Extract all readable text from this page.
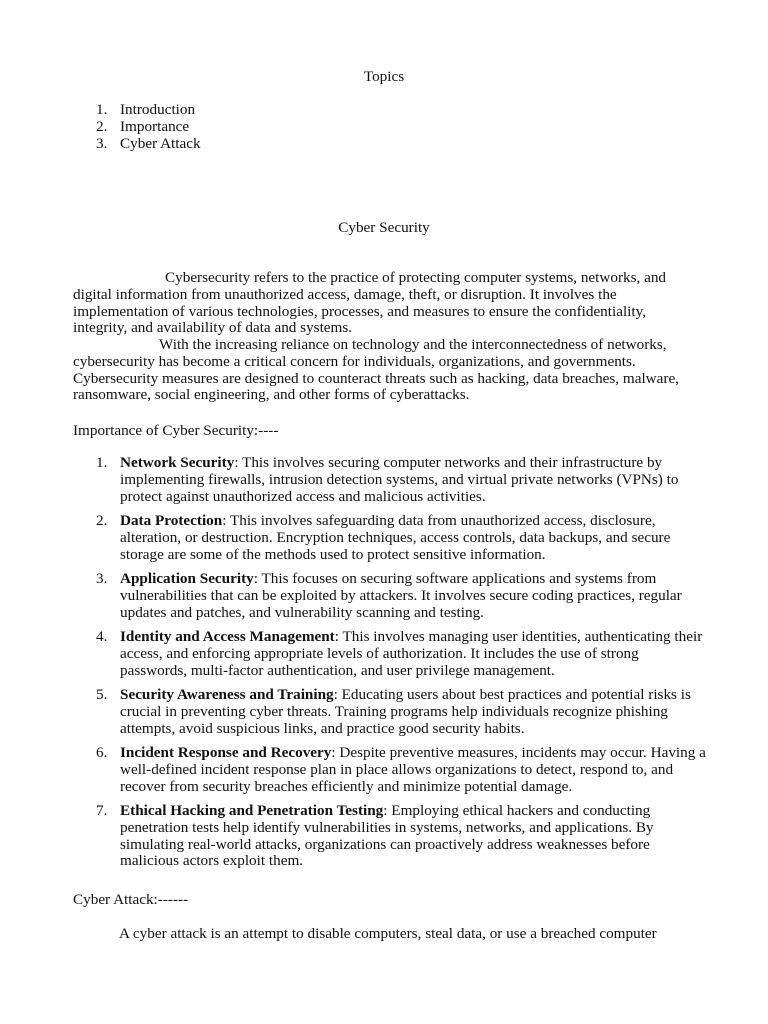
Topics
1. Introduction
2. Importance
3. Cyber Attack
Cyber Security

Cybersecurity refers to the practice of protecting computer systems, networks, and digital information from unauthorized access, damage, theft, or disruption. It involves the implementation of various technologies, processes, and measures to ensure the confidentiality, integrity, and availability of data and systems.

With the increasing reliance on technology and the interconnectedness of networks, cybersecurity has become a critical concern for individuals, organizations, and governments. Cybersecurity measures are designed to counteract threats such as hacking, data breaches, malware, ransomware, social engineering, and other forms of cyberattacks.

Importance of Cyber Security:----
1. Network Security: This involves securing computer networks and their infrastructure by implementing firewalls, intrusion detection systems, and virtual private networks (VPNs) to protect against unauthorized access and malicious activities.
2. Data Protection: This involves safeguarding data from unauthorized access, disclosure, alteration, or destruction. Encryption techniques, access controls, data backups, and secure storage are some of the methods used to protect sensitive information.
3. Application Security: This focuses on securing software applications and systems from vulnerabilities that can be exploited by attackers. It involves secure coding practices, regular updates and patches, and vulnerability scanning and testing.
4. Identity and Access Management: This involves managing user identities, authenticating their access, and enforcing appropriate levels of authorization. It includes the use of strong passwords, multi-factor authentication, and user privilege management.
5. Security Awareness and Training: Educating users about best practices and potential risks is crucial in preventing cyber threats. Training programs help individuals recognize phishing attempts, avoid suspicious links, and practice good security habits.
6. Incident Response and Recovery: Despite preventive measures, incidents may occur. Having a well-defined incident response plan in place allows organizations to detect, respond to, and recover from security breaches efficiently and minimize potential damage.
7. Ethical Hacking and Penetration Testing: Employing ethical hackers and conducting penetration tests help identify vulnerabilities in systems, networks, and applications. By simulating real-world attacks, organizations can proactively address weaknesses before malicious actors exploit them.
Cyber Attack:------

A cyber attack is an attempt to disable computers, steal data, or use a breached computer
